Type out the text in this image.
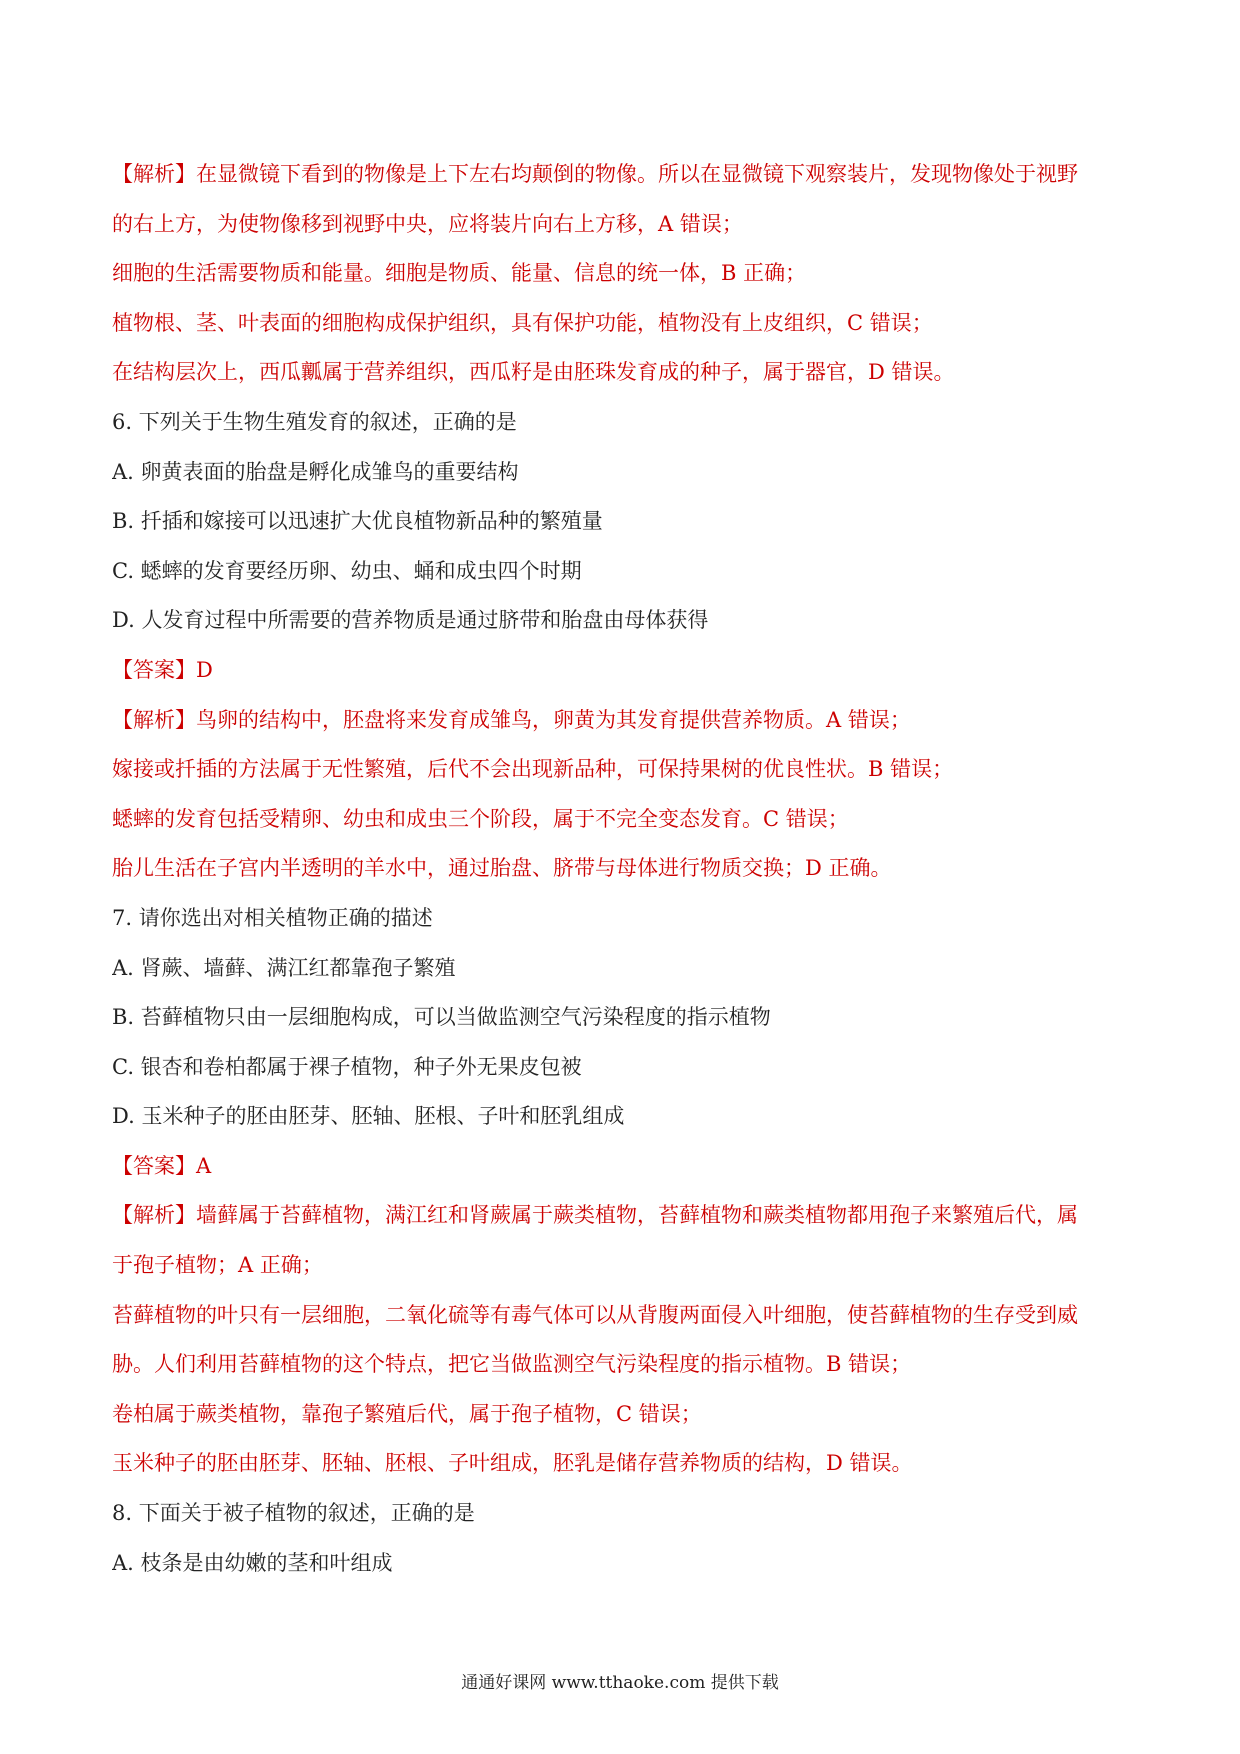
【解析】在显微镜下看到的物像是上下左右均颠倒的物像。所以在显微镜下观察装片，发现物像处于视野
的右上方，为使物像移到视野中央，应将装片向右上方移，A 错误；
细胞的生活需要物质和能量。细胞是物质、能量、信息的统一体，B 正确；
植物根、茎、叶表面的细胞构成保护组织，具有保护功能，植物没有上皮组织，C 错误；
在结构层次上，西瓜瓤属于营养组织，西瓜籽是由胚珠发育成的种子，属于器官，D 错误。
6. 下列关于生物生殖发育的叙述，正确的是
A. 卵黄表面的胎盘是孵化成雏鸟的重要结构
B. 扦插和嫁接可以迅速扩大优良植物新品种的繁殖量
C. 蟋蟀的发育要经历卵、幼虫、蛹和成虫四个时期
D. 人发育过程中所需要的营养物质是通过脐带和胎盘由母体获得
【答案】D
【解析】鸟卵的结构中，胚盘将来发育成雏鸟，卵黄为其发育提供营养物质。A 错误；
嫁接或扦插的方法属于无性繁殖，后代不会出现新品种，可保持果树的优良性状。B 错误；
蟋蟀的发育包括受精卵、幼虫和成虫三个阶段，属于不完全变态发育。C 错误；
胎儿生活在子宫内半透明的羊水中，通过胎盘、脐带与母体进行物质交换；D 正确。
7. 请你选出对相关植物正确的描述
A. 肾蕨、墙藓、满江红都靠孢子繁殖
B. 苔藓植物只由一层细胞构成，可以当做监测空气污染程度的指示植物
C. 银杏和卷柏都属于裸子植物，种子外无果皮包被
D. 玉米种子的胚由胚芽、胚轴、胚根、子叶和胚乳组成
【答案】A
【解析】墙藓属于苔藓植物，满江红和肾蕨属于蕨类植物，苔藓植物和蕨类植物都用孢子来繁殖后代，属
于孢子植物；A 正确；
苔藓植物的叶只有一层细胞，二氧化硫等有毒气体可以从背腹两面侵入叶细胞，使苔藓植物的生存受到威
胁。人们利用苔藓植物的这个特点，把它当做监测空气污染程度的指示植物。B 错误；
卷柏属于蕨类植物，靠孢子繁殖后代，属于孢子植物，C 错误；
玉米种子的胚由胚芽、胚轴、胚根、子叶组成，胚乳是储存营养物质的结构，D 错误。
8. 下面关于被子植物的叙述，正确的是
A. 枝条是由幼嫩的茎和叶组成
通通好课网 www.tthaoke.com 提供下载
